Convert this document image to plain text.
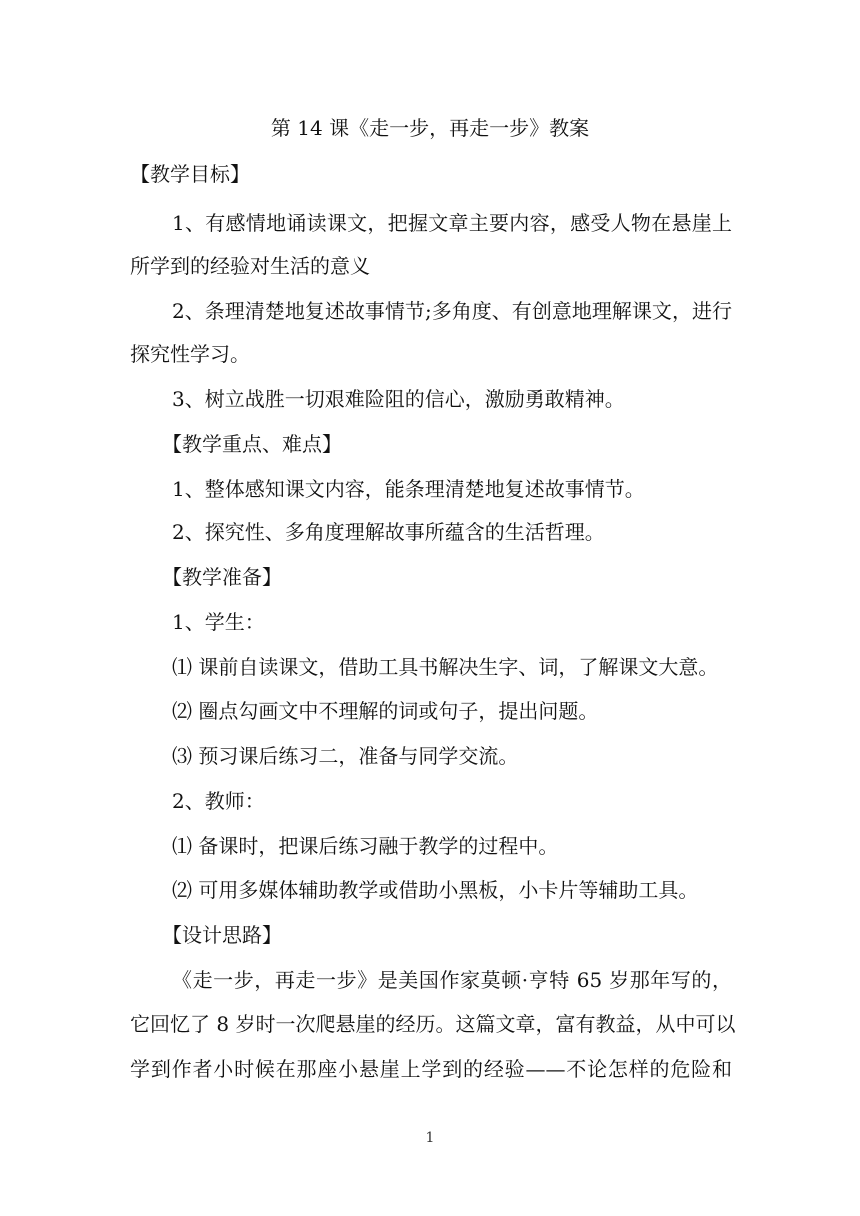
第 14 课《走一步，再走一步》教案
【教学目标】
1、有感情地诵读课文，把握文章主要内容，感受人物在悬崖上
所学到的经验对生活的意义
2、条理清楚地复述故事情节;多角度、有创意地理解课文，进行
探究性学习。
3、树立战胜一切艰难险阻的信心，激励勇敢精神。
【教学重点、难点】
1、整体感知课文内容，能条理清楚地复述故事情节。
2、探究性、多角度理解故事所蕴含的生活哲理。
【教学准备】
1、学生：
⑴ 课前自读课文，借助工具书解决生字、词，了解课文大意。
⑵ 圈点勾画文中不理解的词或句子，提出问题。
⑶ 预习课后练习二，准备与同学交流。
2、教师：
⑴ 备课时，把课后练习融于教学的过程中。
⑵ 可用多媒体辅助教学或借助小黑板，小卡片等辅助工具。
【设计思路】
《走一步，再走一步》是美国作家莫顿·亨特 65 岁那年写的，
它回忆了 8 岁时一次爬悬崖的经历。这篇文章，富有教益，从中可以
学到作者小时候在那座小悬崖上学到的经验——不论怎样的危险和
1
